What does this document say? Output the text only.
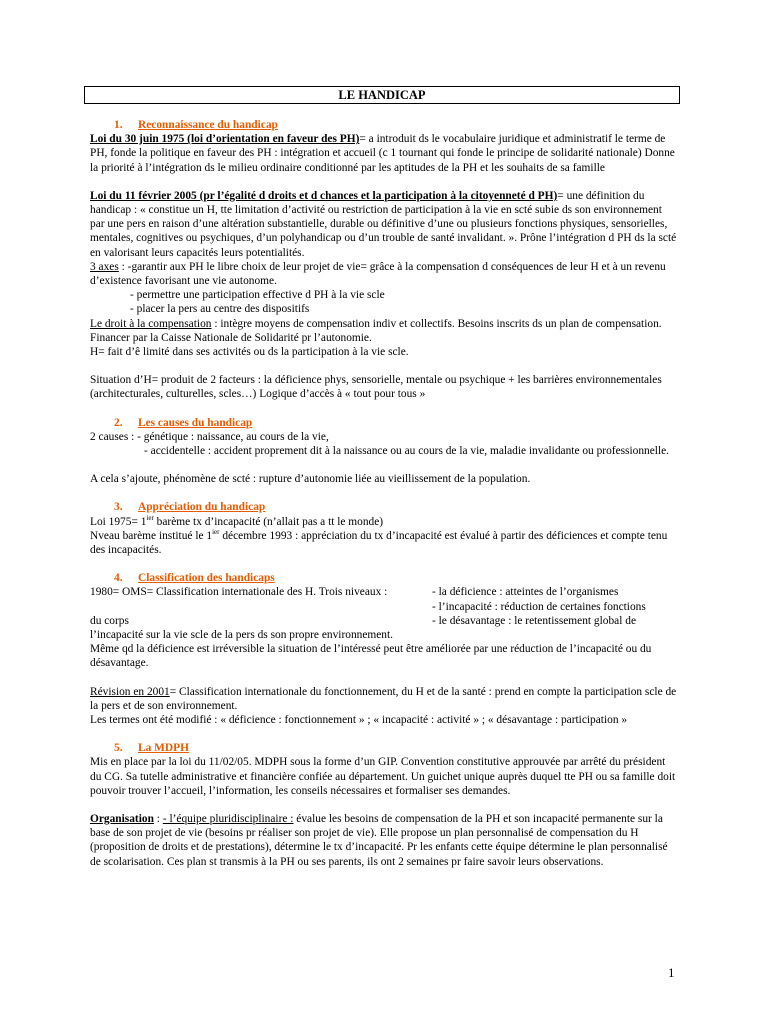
LE HANDICAP
1. Reconnaissance du handicap

Loi du 30 juin 1975 (loi d’orientation en faveur des PH)= a introduit ds le vocabulaire juridique et administratif le terme de PH, fonde la politique en faveur des PH : intégration et accueil (c 1 tournant qui fonde le principe de solidarité nationale) Donne la priorité à l’intégration ds le milieu ordinaire conditionné par les aptitudes de la PH et les souhaits de sa famille

Loi du 11 février 2005 (pr l’égalité d droits et d chances et la participation à la citoyenneté d PH)= une définition du handicap : « constitue un H, tte limitation d’activité ou restriction de participation à la vie en scté subie ds son environnement par une pers en raison d’une altération substantielle, durable ou définitive d’une ou plusieurs fonctions physiques, sensorielles, mentales, cognitives ou psychiques, d’un polyhandicap ou d’un trouble de santé invalidant. ». Prône l’intégration d PH ds la scté en valorisant leurs capacités leurs potentialités.

3 axes : -garantir aux PH le libre choix de leur projet de vie= grâce à la compensation d conséquences de leur H et à un revenu d’existence favorisant une vie autonome.

- permettre une participation effective d PH à la vie scle

- placer la pers au centre des dispositifs

Le droit à la compensation : intègre moyens de compensation indiv et collectifs. Besoins inscrits ds un plan de compensation. Financer par la Caisse Nationale de Solidarité pr l’autonomie.

H= fait d’ê limité dans ses activités ou ds la participation à la vie scle.

Situation d’H= produit de 2 facteurs : la déficience phys, sensorielle, mentale ou psychique + les barrières environnementales (architecturales, culturelles, scles…) Logique d’accès à « tout pour tous »

2. Les causes du handicap

2 causes : - génétique : naissance, au cours de la vie,

- accidentelle : accident proprement dit à la naissance ou au cours de la vie, maladie invalidante ou professionnelle.

A cela s’ajoute, phénomène de scté : rupture d’autonomie liée au vieillissement de la population.

3. Appréciation du handicap

Loi $1975= 1^{ier}$ barème tx d’incapacité (n’allait pas a tt le monde)

Nveau barème institué le $1^{ier}$ décembre 1993 : appréciation du tx d’incapacité est évalué à partir des déficiences et compte tenu des incapacités.

4. Classification des handicaps
1980= OMS= Classification internationale des H. Trois niveaux :	- la déficience : atteintes de l’organismes
- l’incapacité : réduction de certaines fonctions
du corps	- le désavantage : le retentissement global de

l’incapacité sur la vie scle de la pers ds son propre environnement.

Même qd la déficience est irréversible la situation de l’intéressé peut être améliorée par une réduction de l’incapacité ou du désavantage.

Révision en 2001= Classification internationale du fonctionnement, du H et de la santé : prend en compte la participation scle de la pers et de son environnement.

Les termes ont été modifié : « déficience : fonctionnement » ; « incapacité : activité » ; « désavantage : participation »

5. La MDPH

Mis en place par la loi du 11/02/05. MDPH sous la forme d’un GIP. Convention constitutive approuvée par arrêté du président du CG. Sa tutelle administrative et financière confiée au département. Un guichet unique auprès duquel tte PH ou sa famille doit pouvoir trouver l’accueil, l’information, les conseils nécessaires et formaliser ses demandes.

Organisation : - l’équipe pluridisciplinaire : évalue les besoins de compensation de la PH et son incapacité permanente sur la base de son projet de vie (besoins pr réaliser son projet de vie). Elle propose un plan personnalisé de compensation du H (proposition de droits et de prestations), détermine le tx d’incapacité. Pr les enfants cette équipe détermine le plan personnalisé de scolarisation. Ces plan st transmis à la PH ou ses parents, ils ont 2 semaines pr faire savoir leurs observations.

1
